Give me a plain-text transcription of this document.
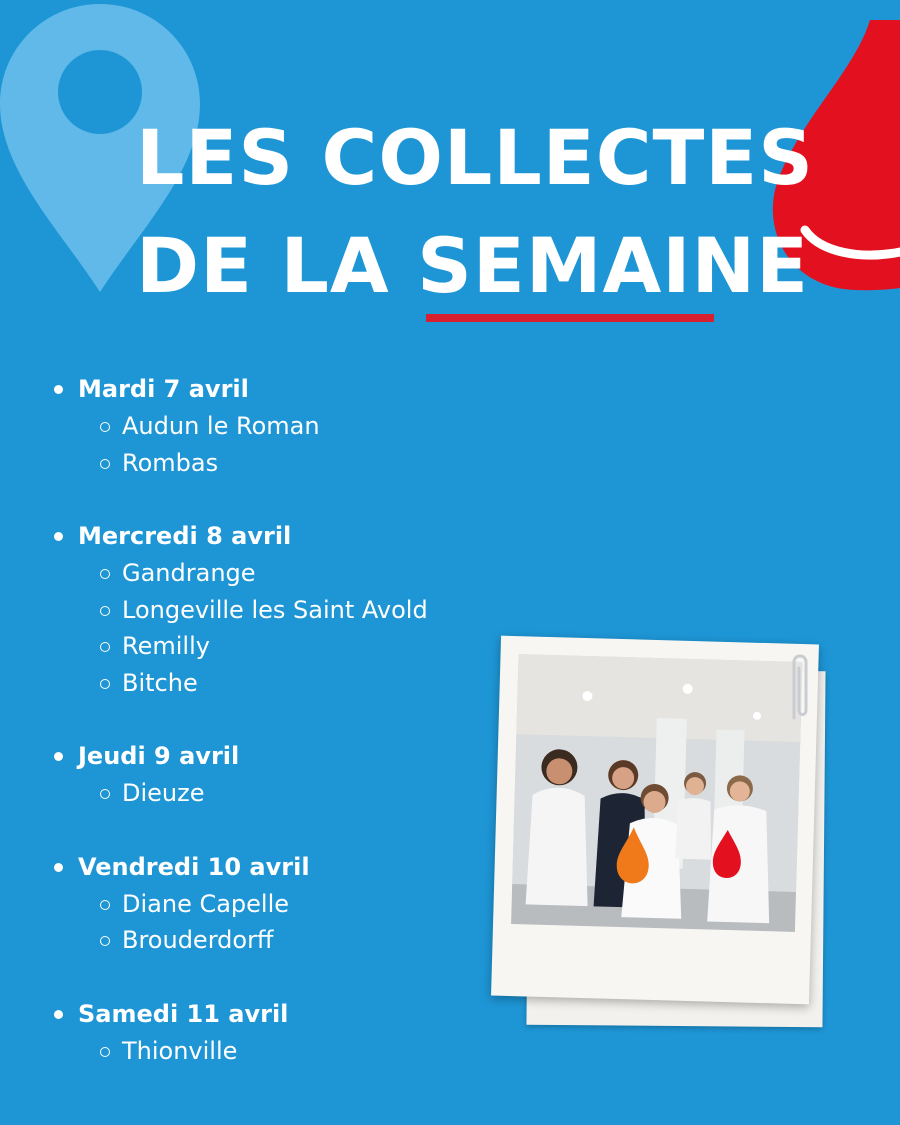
LES COLLECTES
DE LA SEMAINE
Mardi 7 avril
Audun le Roman
Rombas
Mercredi 8 avril
Gandrange
Longeville les Saint Avold
Remilly
Bitche
Jeudi 9 avril
Dieuze
Vendredi 10 avril
Diane Capelle
Brouderdorff
Samedi 11 avril
Thionville
